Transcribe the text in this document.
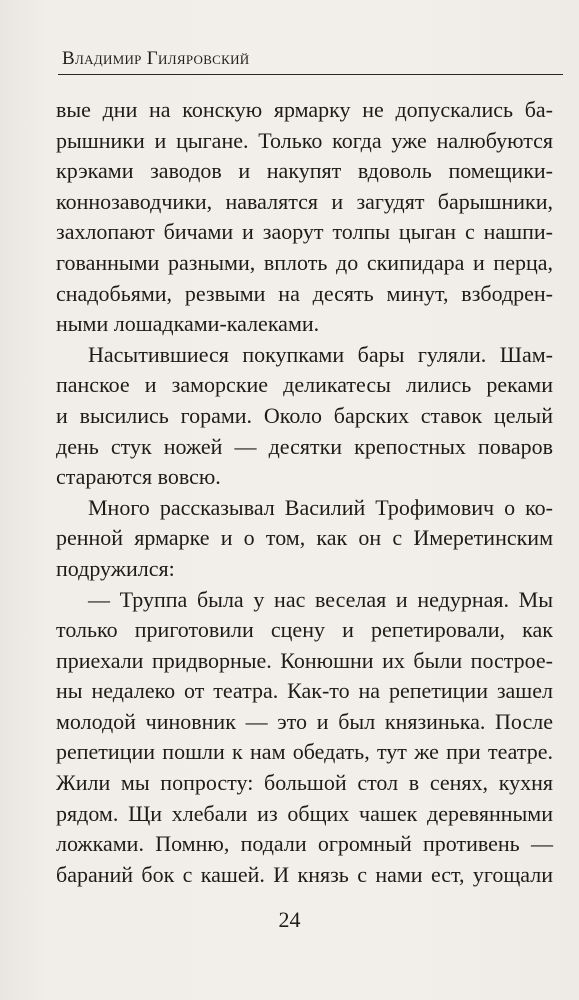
Владимир Гиляровский
вые дни на конскую ярмарку не допускались ба-
рышники и цыгане. Только когда уже налюбуются
крэками заводов и накупят вдоволь помещики-
коннозаводчики, навалятся и загудят барышники,
захлопают бичами и заорут толпы цыган с нашпи-
гованными разными, вплоть до скипидара и перца,
снадобьями, резвыми на десять минут, взбодрен-
ными лошадками-калеками.
Насытившиеся покупками бары гуляли. Шам-
панское и заморские деликатесы лились реками
и высились горами. Около барских ставок целый
день стук ножей — десятки крепостных поваров
стараются вовсю.
Много рассказывал Василий Трофимович о ко-
ренной ярмарке и о том, как он с Имеретинским
подружился:
— Труппа была у нас веселая и недурная. Мы
только приготовили сцену и репетировали, как
приехали придворные. Конюшни их были построе-
ны недалеко от театра. Как-то на репетиции зашел
молодой чиновник — это и был князинька. После
репетиции пошли к нам обедать, тут же при театре.
Жили мы попросту: большой стол в сенях, кухня
рядом. Щи хлебали из общих чашек деревянными
ложками. Помню, подали огромный противень —
бараний бок с кашей. И князь с нами ест, угощали
24
